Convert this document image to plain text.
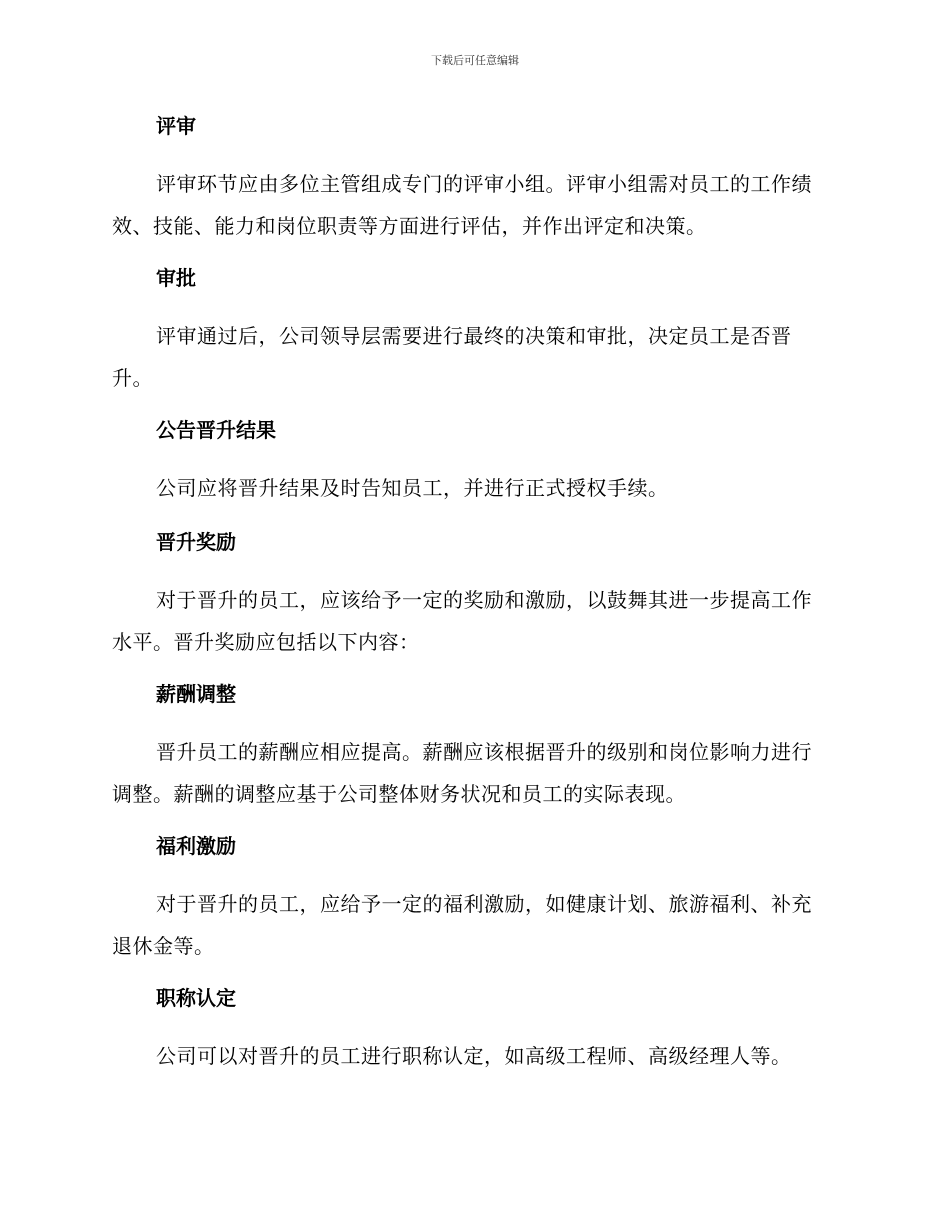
下载后可任意编辑
评审

评审环节应由多位主管组成专门的评审小组。评审小组需对员工的工作绩效、技能、能力和岗位职责等方面进行评估，并作出评定和决策。

审批

评审通过后，公司领导层需要进行最终的决策和审批，决定员工是否晋升。

公告晋升结果

公司应将晋升结果及时告知员工，并进行正式授权手续。

晋升奖励

对于晋升的员工，应该给予一定的奖励和激励，以鼓舞其进一步提高工作水平。晋升奖励应包括以下内容：

薪酬调整

晋升员工的薪酬应相应提高。薪酬应该根据晋升的级别和岗位影响力进行调整。薪酬的调整应基于公司整体财务状况和员工的实际表现。

福利激励

对于晋升的员工，应给予一定的福利激励，如健康计划、旅游福利、补充退休金等。

职称认定

公司可以对晋升的员工进行职称认定，如高级工程师、高级经理人等。
